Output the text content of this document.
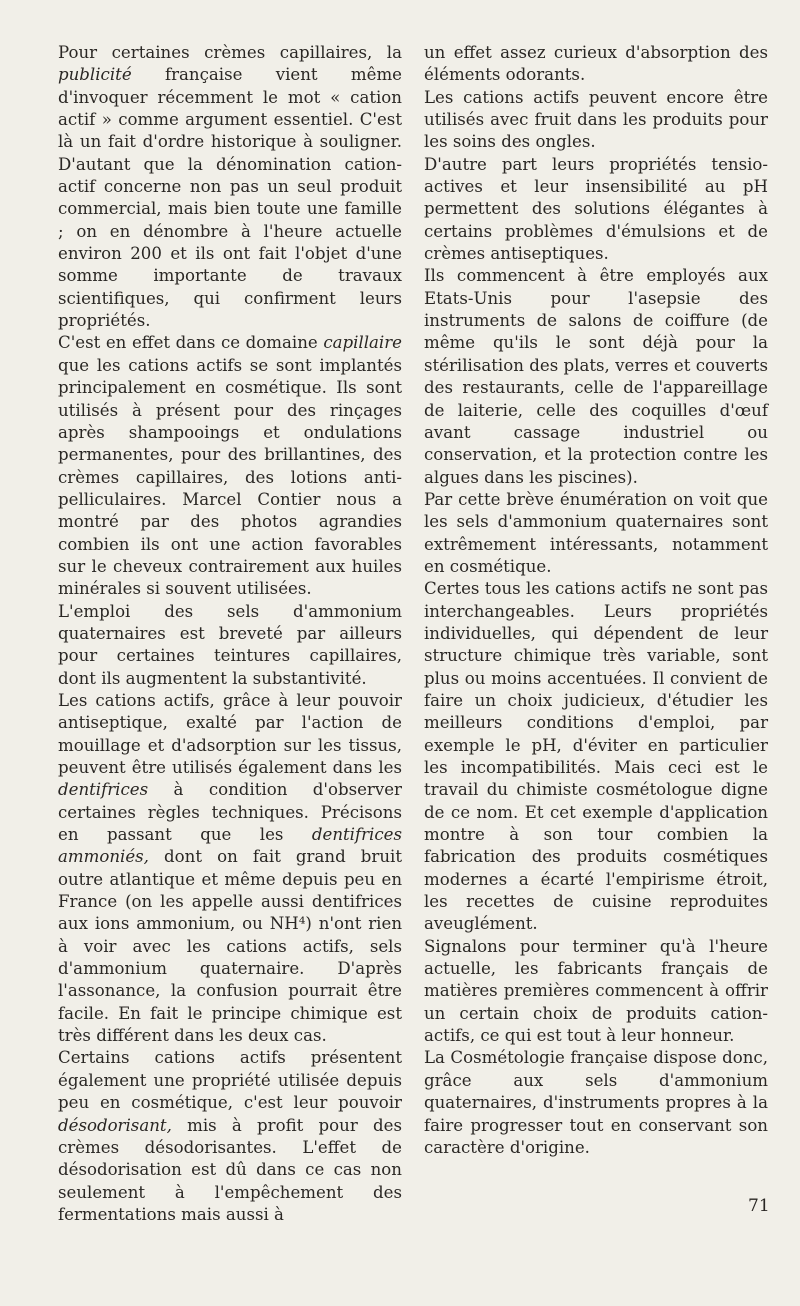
Pour certaines crèmes capillaires, la publicité française vient même d'invoquer récemment le mot « cation actif » comme argument essentiel. C'est là un fait d'ordre historique à souligner. D'autant que la dénomination cation-actif concerne non pas un seul produit commercial, mais bien toute une famille ; on en dénombre à l'heure actuelle environ 200 et ils ont fait l'objet d'une somme importante de travaux scientifiques, qui confirment leurs propriétés.

C'est en effet dans ce domaine capillaire que les cations actifs se sont implantés principalement en cosmétique. Ils sont utilisés à présent pour des rinçages après shampooings et ondulations permanentes, pour des brillantines, des crèmes capillaires, des lotions anti-pelliculaires. Marcel Contier nous a montré par des photos agrandies combien ils ont une action favorables sur le cheveux contrairement aux huiles minérales si souvent utilisées.

L'emploi des sels d'ammonium quaternaires est breveté par ailleurs pour certaines teintures capillaires, dont ils augmentent la substantivité.

Les cations actifs, grâce à leur pouvoir antiseptique, exalté par l'action de mouillage et d'adsorption sur les tissus, peuvent être utilisés également dans les dentifrices à condition d'observer certaines règles techniques. Précisons en passant que les dentifrices ammoniés, dont on fait grand bruit outre atlantique et même depuis peu en France (on les appelle aussi dentifrices aux ions ammonium, ou NH⁴) n'ont rien à voir avec les cations actifs, sels d'ammonium quaternaire. D'après l'assonance, la confusion pourrait être facile. En fait le principe chimique est très différent dans les deux cas.

Certains cations actifs présentent également une propriété utilisée depuis peu en cosmétique, c'est leur pouvoir désodorisant, mis à profit pour des crèmes désodorisantes. L'effet de désodorisation est dû dans ce cas non seulement à l'empêchement des fermentations mais aussi à

un effet assez curieux d'absorption des éléments odorants.

Les cations actifs peuvent encore être utilisés avec fruit dans les produits pour les soins des ongles.

D'autre part leurs propriétés tensio-actives et leur insensibilité au pH permettent des solutions élégantes à certains problèmes d'émulsions et de crèmes antiseptiques.

Ils commencent à être employés aux Etats-Unis pour l'asepsie des instruments de salons de coiffure (de même qu'ils le sont déjà pour la stérilisation des plats, verres et couverts des restaurants, celle de l'appareillage de laiterie, celle des coquilles d'œuf avant cassage industriel ou conservation, et la protection contre les algues dans les piscines).

Par cette brève énumération on voit que les sels d'ammonium quaternaires sont extrêmement intéressants, notamment en cosmétique.

Certes tous les cations actifs ne sont pas interchangeables. Leurs propriétés individuelles, qui dépendent de leur structure chimique très variable, sont plus ou moins accentuées. Il convient de faire un choix judicieux, d'étudier les meilleurs conditions d'emploi, par exemple le pH, d'éviter en particulier les incompatibilités. Mais ceci est le travail du chimiste cosmétologue digne de ce nom. Et cet exemple d'application montre à son tour combien la fabrication des produits cosmétiques modernes a écarté l'empirisme étroit, les recettes de cuisine reproduites aveuglément.

Signalons pour terminer qu'à l'heure actuelle, les fabricants français de matières premières commencent à offrir un certain choix de produits cation-actifs, ce qui est tout à leur honneur.

La Cosmétologie française dispose donc, grâce aux sels d'ammonium quaternaires, d'instruments propres à la faire progresser tout en conservant son caractère d'origine.

71
